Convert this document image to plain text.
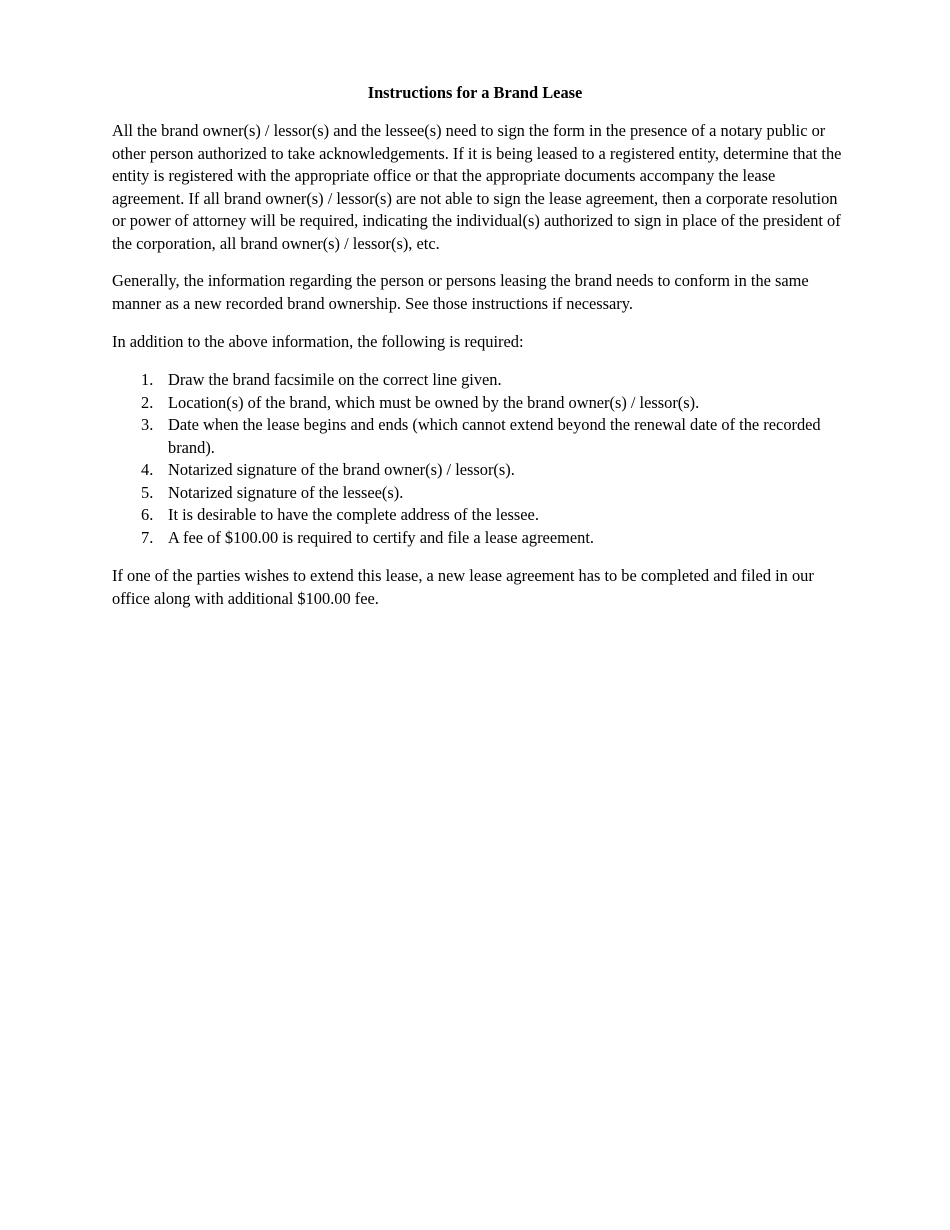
Instructions for a Brand Lease

All the brand owner(s) / lessor(s) and the lessee(s) need to sign the form in the presence of a notary public or other person authorized to take acknowledgements. If it is being leased to a registered entity, determine that the entity is registered with the appropriate office or that the appropriate documents accompany the lease agreement. If all brand owner(s) / lessor(s) are not able to sign the lease agreement, then a corporate resolution or power of attorney will be required, indicating the individual(s) authorized to sign in place of the president of the corporation, all brand owner(s) / lessor(s), etc.

Generally, the information regarding the person or persons leasing the brand needs to conform in the same manner as a new recorded brand ownership. See those instructions if necessary.

In addition to the above information, the following is required:

1. Draw the brand facsimile on the correct line given.
2. Location(s) of the brand, which must be owned by the brand owner(s) / lessor(s).
3. Date when the lease begins and ends (which cannot extend beyond the renewal date of the recorded brand).
4. Notarized signature of the brand owner(s) / lessor(s).
5. Notarized signature of the lessee(s).
6. It is desirable to have the complete address of the lessee.
7. A fee of $100.00 is required to certify and file a lease agreement.

If one of the parties wishes to extend this lease, a new lease agreement has to be completed and filed in our office along with additional $100.00 fee.
